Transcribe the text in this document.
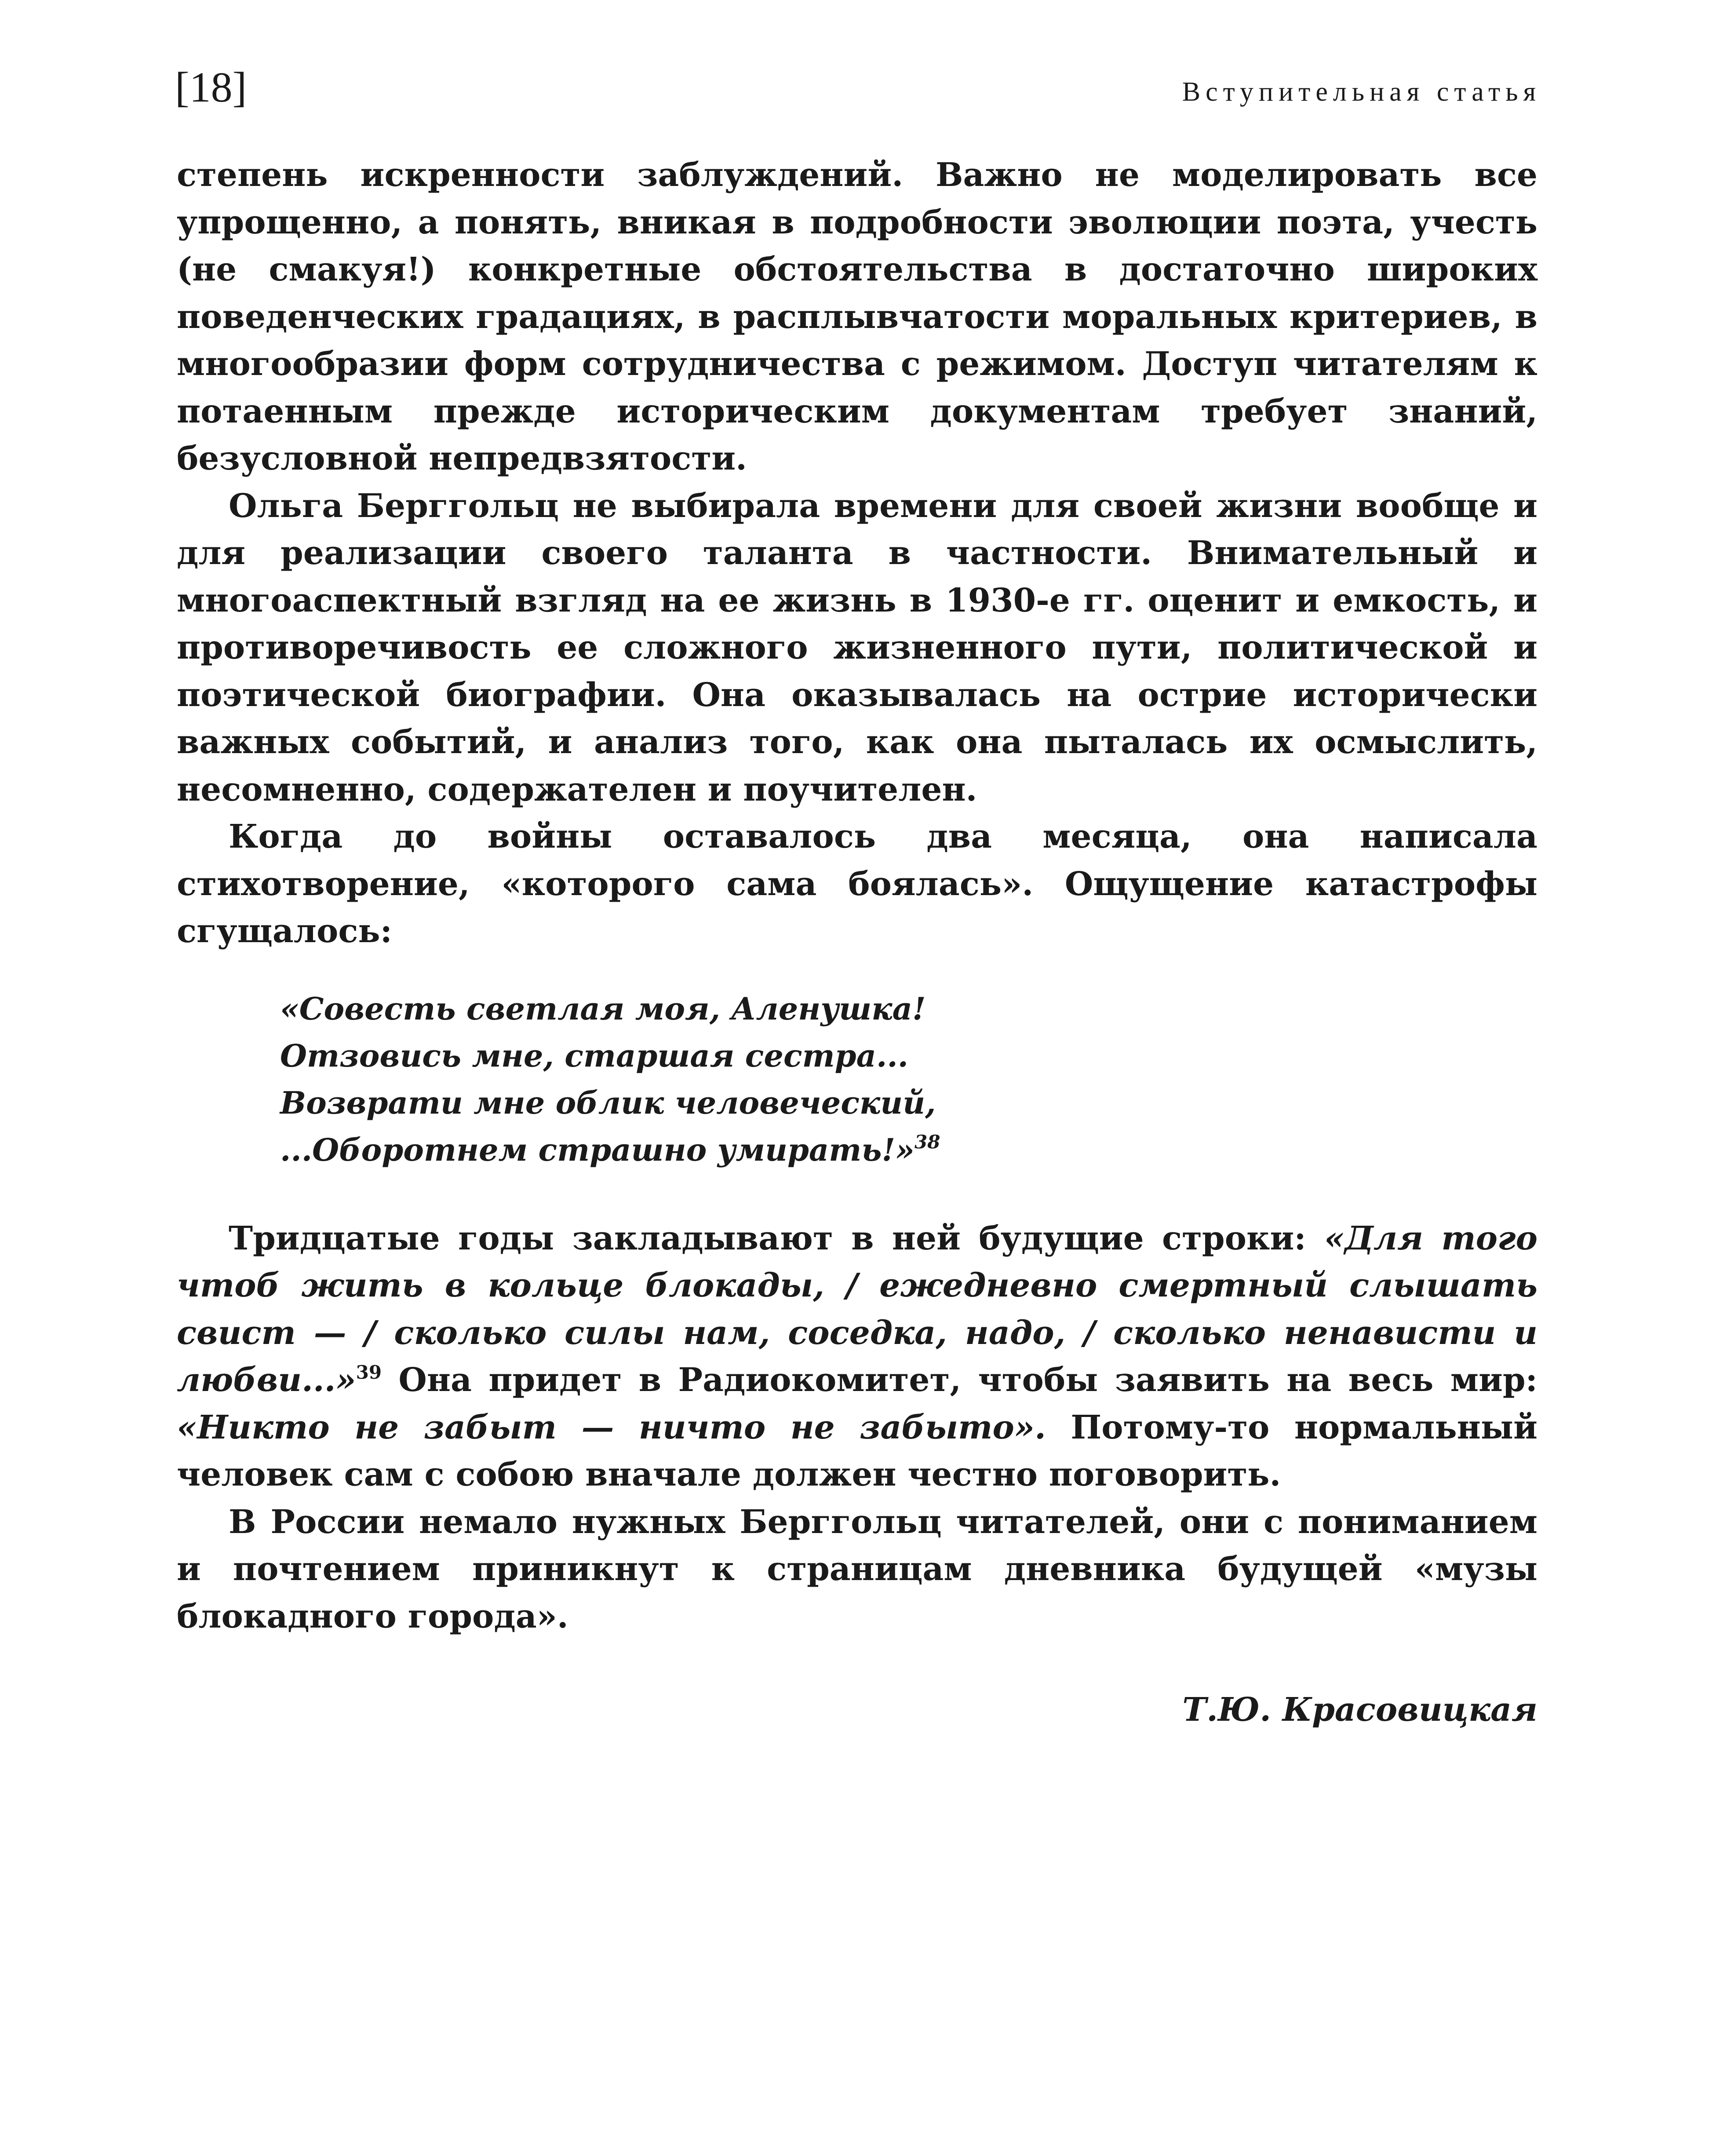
[18]	Вступительная статья

степень искренности заблуждений. Важно не моделировать все упрощенно, а понять, вникая в подробности эволюции поэта, учесть (не смакуя!) конкретные обстоятельства в достаточно широких поведенческих градациях, в расплывчатости моральных критериев, в многообразии форм сотрудничества с режимом. Доступ читателям к потаенным прежде историческим документам требует знаний, безусловной непредвзятости.

Ольга Берггольц не выбирала времени для своей жизни вообще и для реализации своего таланта в частности. Внимательный и многоаспектный взгляд на ее жизнь в 1930-е гг. оценит и емкость, и противоречивость ее сложного жизненного пути, политической и поэтической биографии. Она оказывалась на острие исторически важных событий, и анализ того, как она пыталась их осмыслить, несомненно, содержателен и поучителен.

Когда до войны оставалось два месяца, она написала стихотворение, «которого сама боялась». Ощущение катастрофы сгущалось:

«Совесть светлая моя, Аленушка!
Отзовись мне, старшая сестра...
Возврати мне облик человеческий,
...Оборотнем страшно умирать!»$^{38}$

Тридцатые годы закладывают в ней будущие строки: «Для того чтоб жить в кольце блокады, / ежедневно смертный слышать свист — / сколько силы нам, соседка, надо, / сколько ненависти и любви...»$^{39}$ Она придет в Радиокомитет, чтобы заявить на весь мир: «Никто не забыт — ничто не забыто». Потому-то нормальный человек сам с собою вначале должен честно поговорить.

В России немало нужных Берггольц читателей, они с пониманием и почтением приникнут к страницам дневника будущей «музы блокадного города».

Т.Ю. Красовицкая
